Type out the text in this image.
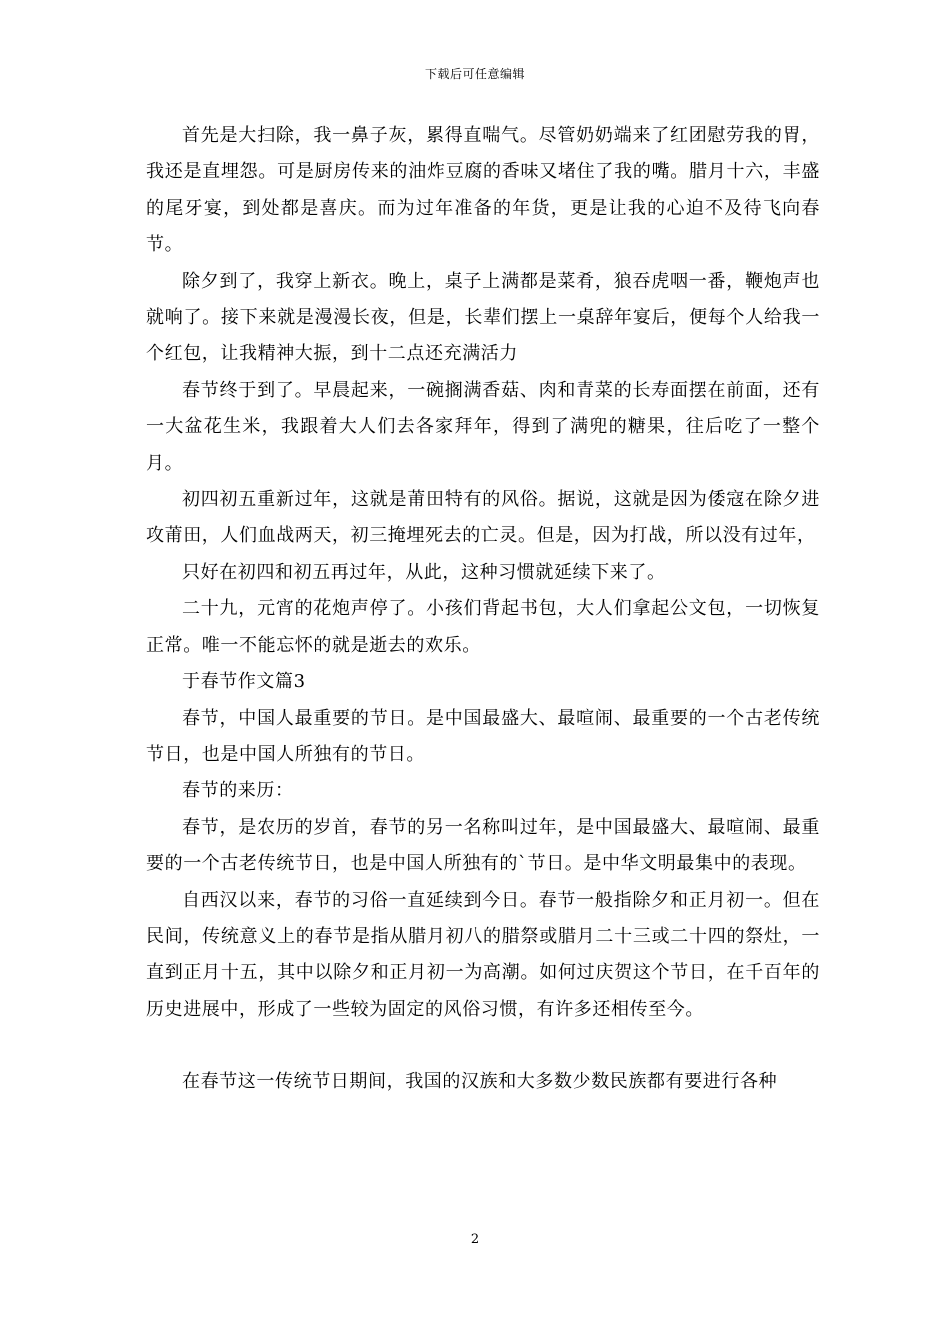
下载后可任意编辑

首先是大扫除，我一鼻子灰，累得直喘气。尽管奶奶端来了红团慰劳我的胃，我还是直埋怨。可是厨房传来的油炸豆腐的香味又堵住了我的嘴。腊月十六，丰盛的尾牙宴，到处都是喜庆。而为过年准备的年货，更是让我的心迫不及待飞向春节。

除夕到了，我穿上新衣。晚上，桌子上满都是菜肴，狼吞虎咽一番，鞭炮声也就响了。接下来就是漫漫长夜，但是，长辈们摆上一桌辞年宴后，便每个人给我一个红包，让我精神大振，到十二点还充满活力

春节终于到了。早晨起来，一碗搁满香菇、肉和青菜的长寿面摆在前面，还有一大盆花生米，我跟着大人们去各家拜年，得到了满兜的糖果，往后吃了一整个月。

初四初五重新过年，这就是莆田特有的风俗。据说，这就是因为倭寇在除夕进攻莆田，人们血战两天，初三掩埋死去的亡灵。但是，因为打战，所以没有过年，

只好在初四和初五再过年，从此，这种习惯就延续下来了。

二十九，元宵的花炮声停了。小孩们背起书包，大人们拿起公文包，一切恢复正常。唯一不能忘怀的就是逝去的欢乐。

于春节作文篇3

春节，中国人最重要的节日。是中国最盛大、最喧闹、最重要的一个古老传统节日，也是中国人所独有的节日。

春节的来历：

春节，是农历的岁首，春节的另一名称叫过年，是中国最盛大、最喧闹、最重要的一个古老传统节日，也是中国人所独有的`节日。是中华文明最集中的表现。

自西汉以来，春节的习俗一直延续到今日。春节一般指除夕和正月初一。但在民间，传统意义上的春节是指从腊月初八的腊祭或腊月二十三或二十四的祭灶，一直到正月十五，其中以除夕和正月初一为高潮。如何过庆贺这个节日，在千百年的历史进展中，形成了一些较为固定的风俗习惯，有许多还相传至今。

在春节这一传统节日期间，我国的汉族和大多数少数民族都有要进行各种

2
